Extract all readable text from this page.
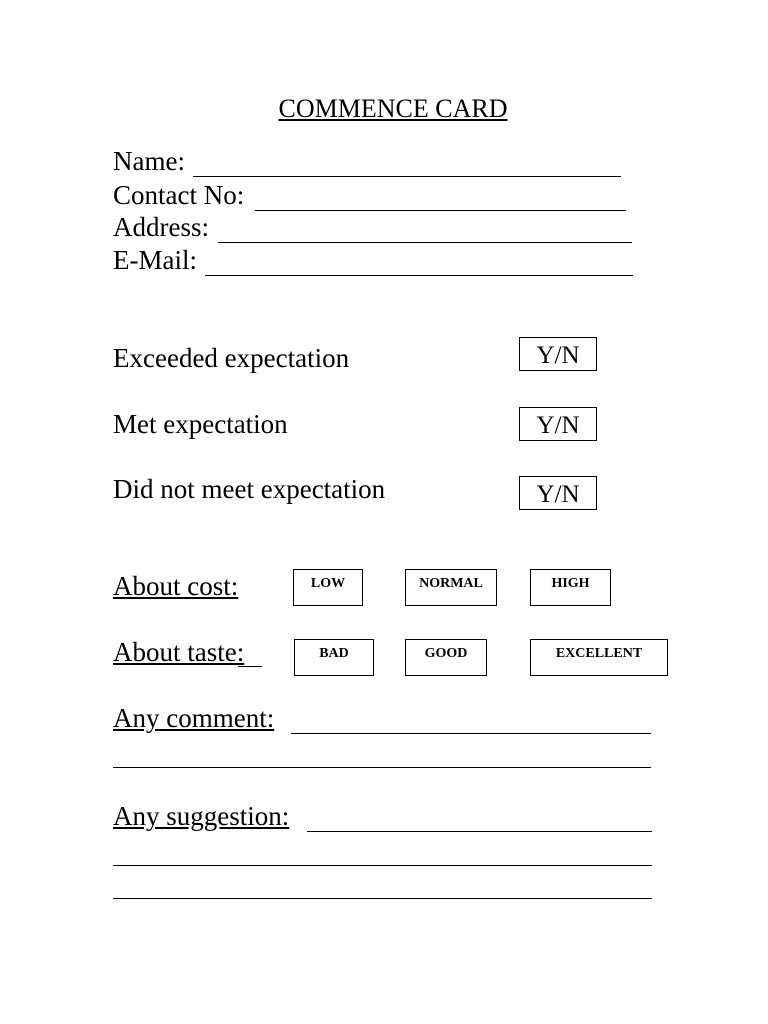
COMMENCE CARD
Name:
Contact No:
Address:
E-Mail:
Exceeded expectation	Y/N
Met expectation	Y/N
Did not meet expectation	Y/N
About cost:	LOW	NORMAL	HIGH
About taste:	BAD	GOOD	EXCELLENT
Any comment:
Any suggestion:
